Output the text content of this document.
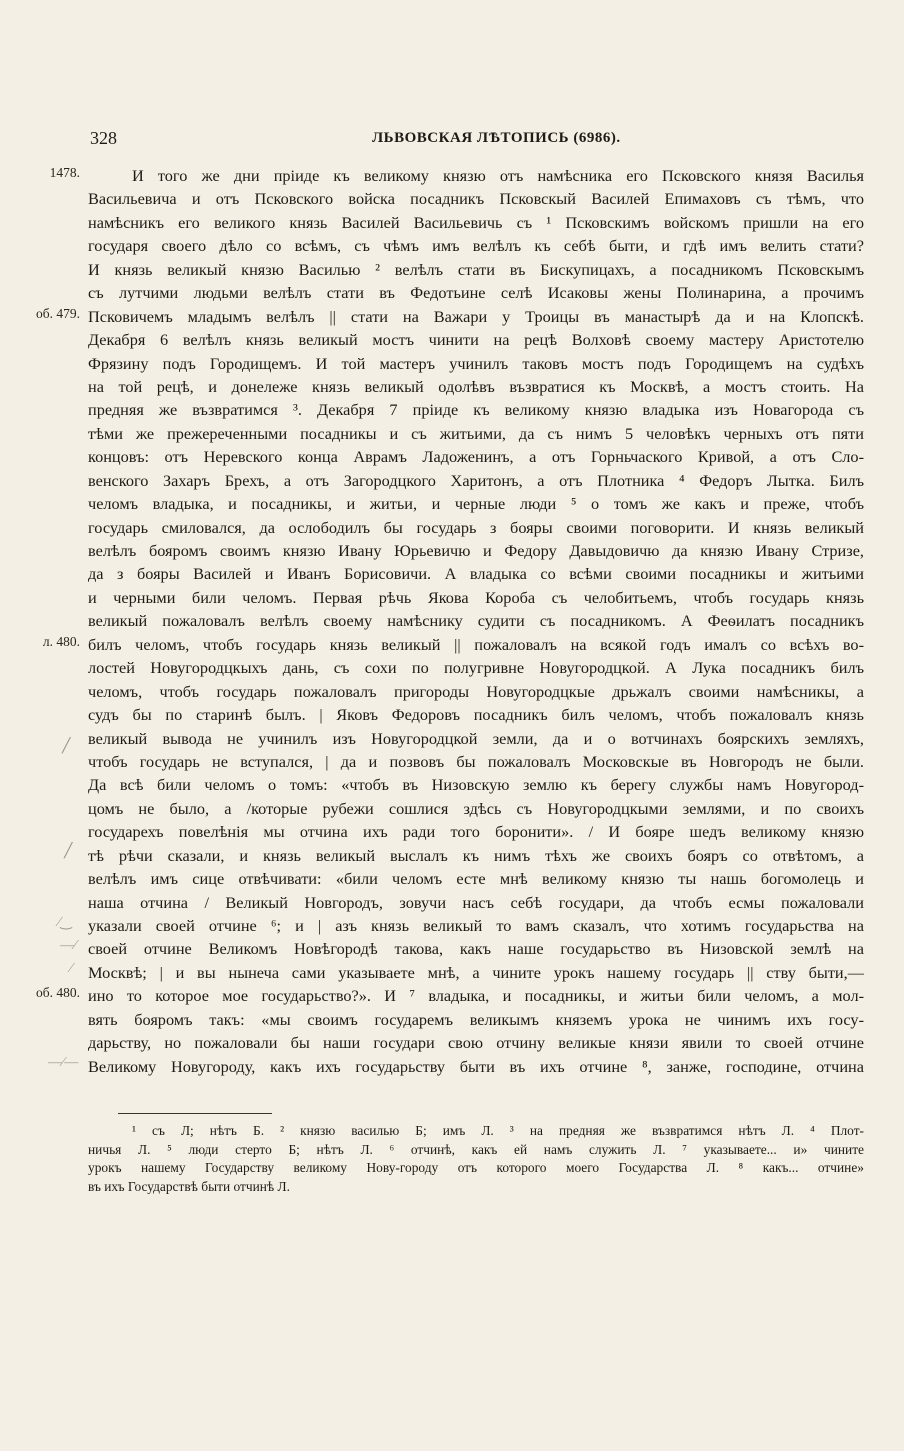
328	ЛЬВОВСКАЯ ЛѢТОПИСЬ (6986).
1478.
об. 479.
л. 480.
об. 480.
╱
╱
⁄‿
—⁄
⁄
—⁄—
И того же дни прiиде къ великому князю отъ намѣсника его Псковского князя Василья
Васильевича и отъ Псковского войска посадникъ Псковскый Василей Епимаховъ съ тѣмъ, что
намѣсникъ его великого князь Василей Васильевичь съ ¹ Псковскимъ войскомъ пришли на его
государя своего дѣло со всѣмъ, съ чѣмъ имъ велѣлъ къ себѣ быти, и гдѣ имъ велить стати?
И князь великый князю Василью ² велѣлъ стати въ Бискупицахъ, а посадникомъ Псковскымъ
съ лутчими людьми велѣлъ стати въ Федотьине селѣ Исаковы жены Полинарина, а прочимъ
Псковичемъ младымъ велѣлъ || стати на Важари у Троицы въ манастырѣ да и на Клопскѣ.
Декабря 6 велѣлъ князь великый мостъ чинити на рецѣ Волховѣ своему мастеру Аристотелю
Фрязину подъ Городищемъ. И той мастеръ учинилъ таковъ мостъ подъ Городищемъ на судѣхъ
на той рецѣ, и донележе князь великый одолѣвъ възвратися къ Москвѣ, а мостъ стоить. На
предняя же възвратимся ³. Декабря 7 прiиде къ великому князю владыка изъ Новагорода съ
тѣми же прежереченными посадникы и съ житьими, да съ нимъ 5 человѣкъ черныхъ отъ пяти
концовъ: отъ Неревского конца Аврамъ Ладоженинъ, а отъ Горньчаского Кривой, а отъ Сло-
венского Захаръ Брехъ, а отъ Загородцкого Харитонъ, а отъ Плотника ⁴ Федоръ Лытка. Билъ
челомъ владыка, и посадникы, и житьи, и черные люди ⁵ о томъ же какъ и преже, чтобъ
государь смиловался, да ослободилъ бы государь з бояры своими поговорити. И князь великый
велѣлъ бояромъ своимъ князю Ивану Юрьевичю и Федору Давыдовичю да князю Ивану Стризе,
да з бояры Василей и Иванъ Борисовичи. А владыка со всѣми своими посадникы и житьими
и черными били челомъ. Первая рѣчь Якова Короба съ челобитьемъ, чтобъ государь князь
великый пожаловалъ велѣлъ своему намѣснику судити съ посадникомъ. А Феѳилатъ посадникъ
билъ челомъ, чтобъ государь князь великый || пожаловалъ на всякой годъ ималъ со всѣхъ во-
лостей Новугородцкыхъ дань, съ сохи по полугривне Новугородцкой. А Лука посадникъ билъ
челомъ, чтобъ государь пожаловалъ пригороды Новугородцкые дрьжалъ своими намѣсникы, а
судъ бы по старинѣ былъ. | Яковъ Федоровъ посадникъ билъ челомъ, чтобъ пожаловалъ князь
великый вывода не учинилъ изъ Новугородцкой земли, да и о вотчинахъ боярскихъ земляхъ,
чтобъ государь не вступался, | да и позвовъ бы пожаловалъ Московскые въ Новгородъ не были.
Да всѣ били челомъ о томъ: «чтобъ въ Низовскую землю къ берегу службы намъ Новугород-
цомъ не было, а /которые рубежи сошлися здѣсь съ Новугородцкыми землями, и по своихъ
государехъ повелѣнiя мы отчина ихъ ради того боронити». / И бояре шедъ великому князю
тѣ рѣчи сказали, и князь великый выслалъ къ нимъ тѣхъ же своихъ бояръ со отвѣтомъ, а
велѣлъ имъ сице отвѣчивати: «били челомъ есте мнѣ великому князю ты нашь богомолець и
наша отчина / Великый Новгородъ, зовучи насъ себѣ государи, да чтобъ есмы пожаловали
указали своей отчине ⁶; и | азъ князь великый то вамъ сказалъ, что хотимъ государьства на
своей отчине Великомъ Новѣгородѣ такова, какъ наше государьство въ Низовской землѣ на
Москвѣ; | и вы нынеча сами указываете мнѣ, а чините урокъ нашему государь || ству быти,—
ино то которое мое государьство?». И ⁷ владыка, и посадникы, и житьи били челомъ, а мол-
вять бояромъ такъ: «мы своимъ государемъ великымъ княземъ урока не чинимъ ихъ госу-
дарьству, но пожаловали бы наши государи свою отчину великые князи явили то своей отчине
Великому Новугороду, какъ ихъ государьству быти въ ихъ отчине ⁸, занже, господине, отчина
¹ съ Л; нѣтъ Б. ² князю василью Б; имъ Л. ³ на предняя же възвратимся нѣтъ Л. ⁴ Плот-
ничья Л. ⁵ люди стерто Б; нѣтъ Л. ⁶ отчинѣ, какъ ей намъ служить Л. ⁷ указываете... и» чините
урокъ нашему Государству великому Нову-городу отъ которого моего Государства Л. ⁸ какъ... отчине»
въ ихъ Государствѣ быти отчинѣ Л.
